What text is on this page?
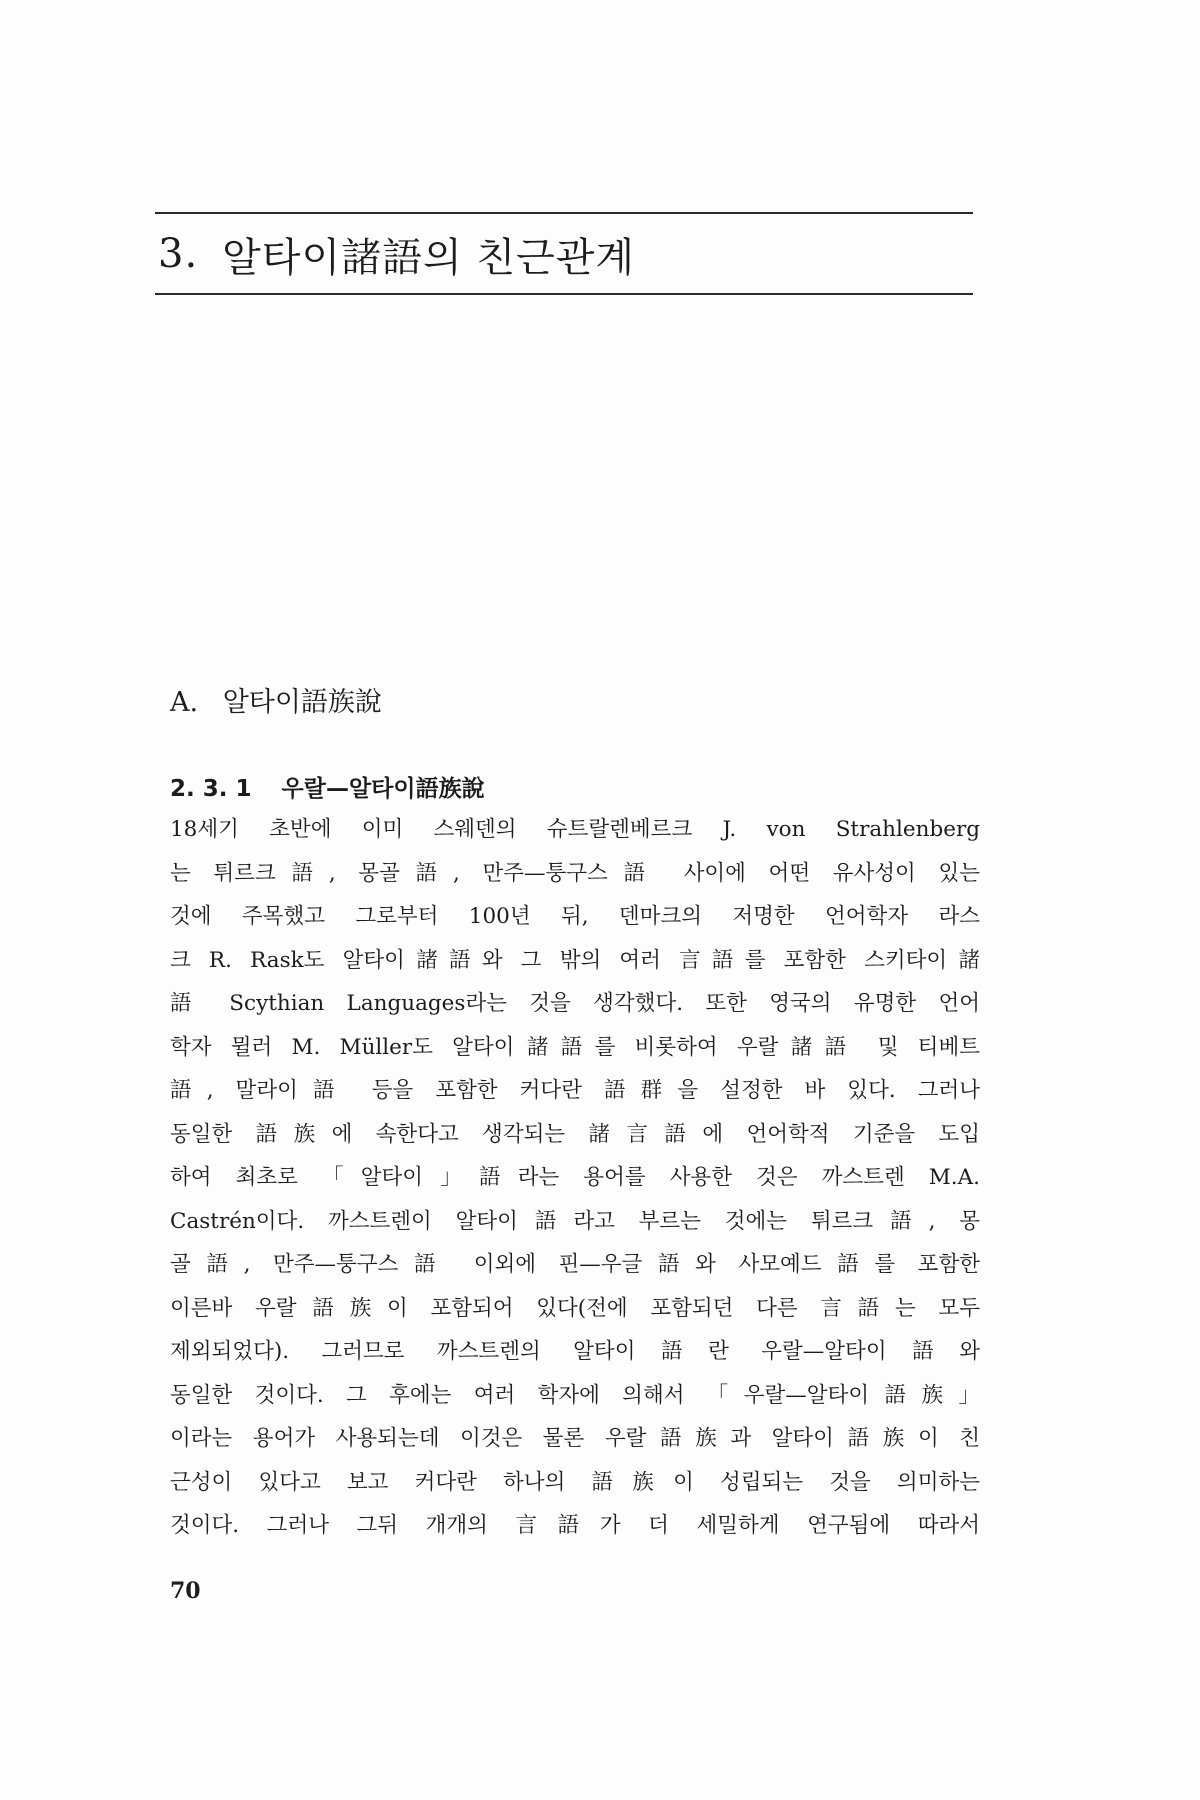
3. 알타이諸語의 친근관계
A. 알타이語族說
2. 3. 1 우랄—알타이語族說
18세기 초반에 이미 스웨덴의 슈트랄렌베르크 J. von Strahlenberg
는 튀르크語, 몽골語, 만주—퉁구스語 사이에 어떤 유사성이 있는
것에 주목했고 그로부터 100년 뒤, 덴마크의 저명한 언어학자 라스
크 R. Rask도 알타이諸語와 그 밖의 여러 言語를 포함한 스키타이諸
語 Scythian Languages라는 것을 생각했다. 또한 영국의 유명한 언어
학자 뮐러 M. Müller도 알타이諸語를 비롯하여 우랄諸語 및 티베트
語, 말라이語 등을 포함한 커다란 語群을 설정한 바 있다. 그러나
동일한 語族에 속한다고 생각되는 諸言語에 언어학적 기준을 도입
하여 최초로 「알타이」語라는 용어를 사용한 것은 까스트렌 M.A.
Castrén이다. 까스트렌이 알타이語라고 부르는 것에는 튀르크語, 몽
골語, 만주—퉁구스語 이외에 핀—우글語와 사모예드語를 포함한
이른바 우랄語族이 포함되어 있다(전에 포함되던 다른 言語는 모두
제외되었다). 그러므로 까스트렌의 알타이語란 우랄—알타이語와
동일한 것이다. 그 후에는 여러 학자에 의해서 「우랄—알타이語族」
이라는 용어가 사용되는데 이것은 물론 우랄語族과 알타이語族이 친
근성이 있다고 보고 커다란 하나의 語族이 성립되는 것을 의미하는
것이다. 그러나 그뒤 개개의 言語가 더 세밀하게 연구됨에 따라서
70
